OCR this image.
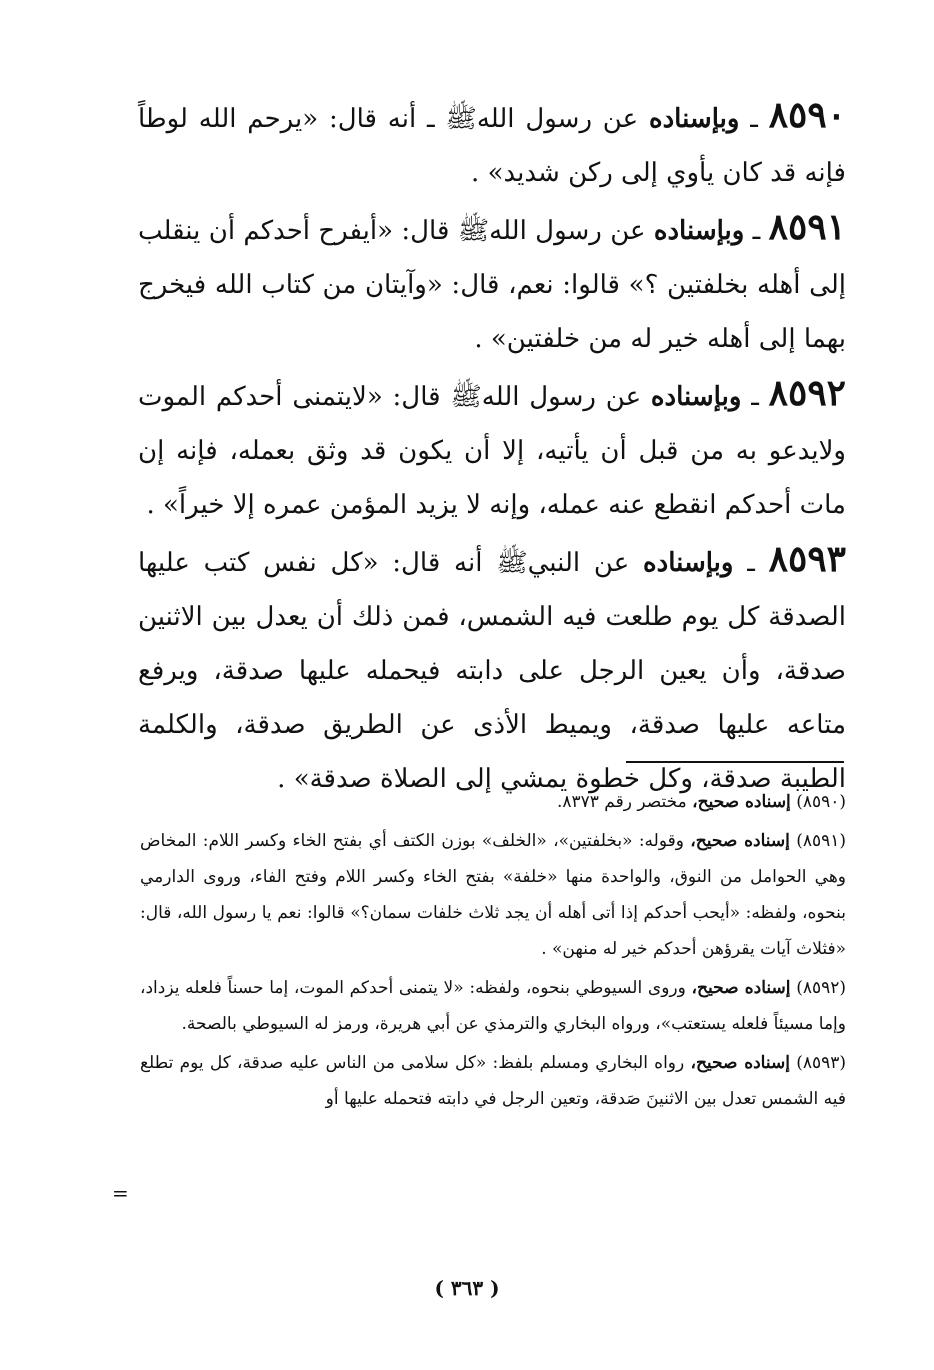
٨٥٩٠ ـ وبإسناده عن رسول اللهﷺ ـ أنه قال: «يرحم الله لوطاً فإنه قد كان يأوي إلى ركن شديد» .

٨٥٩١ ـ وبإسناده عن رسول اللهﷺ قال: «أيفرح أحدكم أن ينقلب إلى أهله بخلفتين ؟» قالوا: نعم، قال: «وآيتان من كتاب الله فيخرج بهما إلى أهله خير له من خلفتين» .

٨٥٩٢ ـ وبإسناده عن رسول اللهﷺ قال: «لايتمنى أحدكم الموت ولايدعو به من قبل أن يأتيه، إلا أن يكون قد وثق بعمله، فإنه إن مات أحدكم انقطع عنه عمله، وإنه لا يزيد المؤمن عمره إلا خيراً» .

٨٥٩٣ ـ وبإسناده عن النبيﷺ أنه قال: «كل نفس كتب عليها الصدقة كل يوم طلعت فيه الشمس، فمن ذلك أن يعدل بين الاثنين صدقة، وأن يعين الرجل على دابته فيحمله عليها صدقة، ويرفع متاعه عليها صدقة، ويميط الأذى عن الطريق صدقة، والكلمة الطيبة صدقة، وكل خطوة يمشي إلى الصلاة صدقة» .

(٨٥٩٠) إسناده صحيح، مختصر رقم ٨٣٧٣.

(٨٥٩١) إسناده صحيح، وقوله: «بخلفتين»، «الخلف» بوزن الكتف أي بفتح الخاء وكسر اللام: المخاض وهي الحوامل من النوق، والواحدة منها «خلفة» بفتح الخاء وكسر اللام وفتح الفاء، وروى الدارمي بنحوه، ولفظه: «أيحب أحدكم إذا أتى أهله أن يجد ثلاث خلفات سمان؟» قالوا: نعم يا رسول الله، قال: «فثلاث آيات يقرؤهن أحدكم خير له منهن» .

(٨٥٩٢) إسناده صحيح، وروى السيوطي بنحوه، ولفظه: «لا يتمنى أحدكم الموت، إما حسناً فلعله يزداد، وإما مسيئاً فلعله يستعتب»، ورواه البخاري والترمذي عن أبي هريرة، ورمز له السيوطي بالصحة.

(٨٥٩٣) إسناده صحيح، رواه البخاري ومسلم بلفظ: «كل سلامى من الناس عليه صدقة، كل يوم تطلع فيه الشمس تعدل بين الاثنينَ صَدقة، وتعين الرجل في دابته فتحمله عليها أو

=
( ٣٦٣ )
